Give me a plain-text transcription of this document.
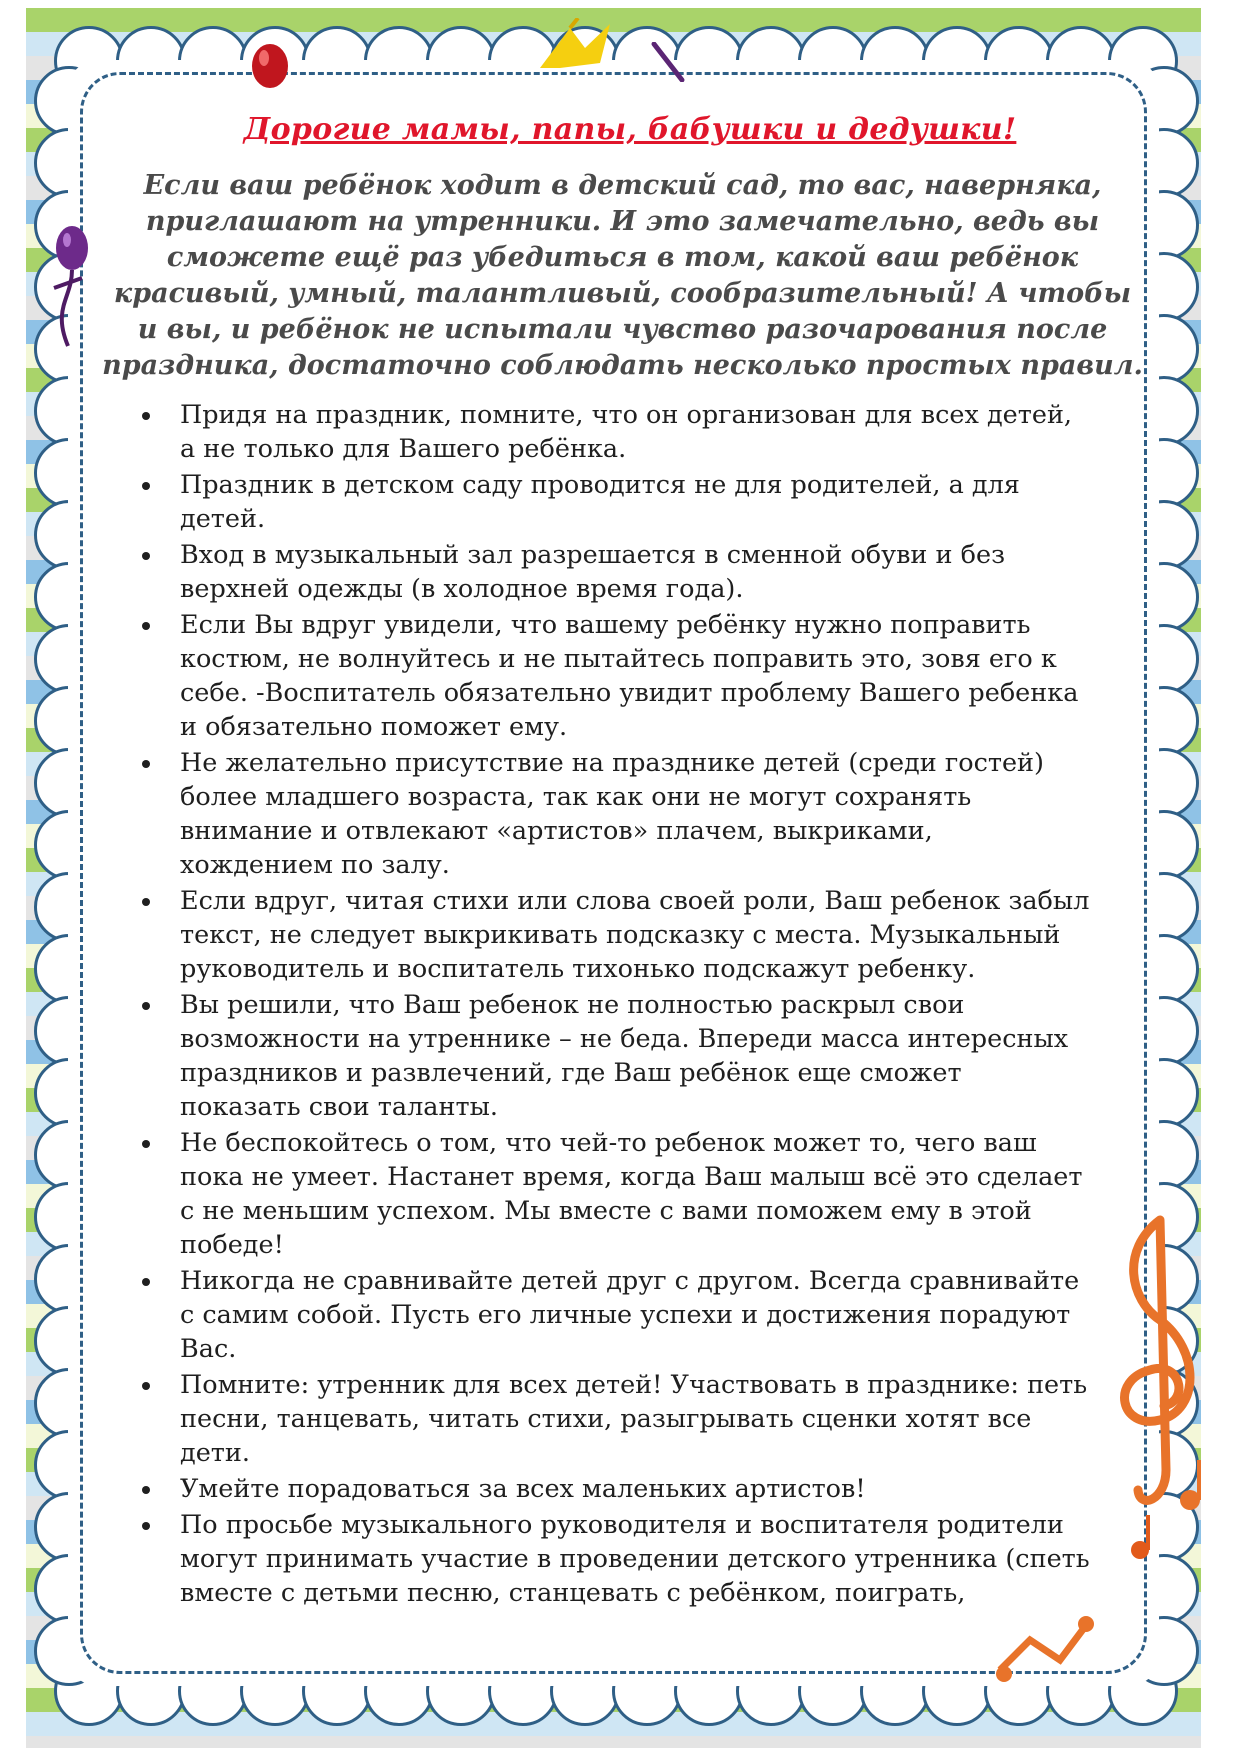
Дорогие мамы, папы, бабушки и дедушки!
Если ваш ребёнок ходит в детский сад, то вас, наверняка, приглашают на утренники. И это замечательно, ведь вы сможете ещё раз убедиться в том, какой ваш ребёнок красивый, умный, талантливый, сообразительный! А чтобы и вы, и ребёнок не испытали чувство разочарования после праздника, достаточно соблюдать несколько простых правил.
Придя на праздник, помните, что он организован для всех детей, а не только для Вашего ребёнка.
Праздник в детском саду проводится не для родителей, а для детей.
Вход в музыкальный зал разрешается в сменной обуви и без верхней одежды (в холодное время года).
Если Вы вдруг увидели, что вашему ребёнку нужно поправить костюм, не волнуйтесь и не пытайтесь поправить это, зовя его к себе. -Воспитатель обязательно увидит проблему Вашего ребенка и обязательно поможет ему.
Не желательно присутствие на празднике детей (среди гостей) более младшего возраста, так как они не могут сохранять внимание и отвлекают «артистов» плачем, выкриками, хождением по залу.
Если вдруг, читая стихи или слова своей роли, Ваш ребенок забыл текст, не следует выкрикивать подсказку с места. Музыкальный руководитель и воспитатель тихонько подскажут ребенку.
Вы решили, что Ваш ребенок не полностью раскрыл свои возможности на утреннике – не беда. Впереди масса интересных праздников и развлечений, где Ваш ребёнок еще сможет показать свои таланты.
Не беспокойтесь о том, что чей-то ребенок может то, чего ваш пока не умеет. Настанет время, когда Ваш малыш всё это сделает с не меньшим успехом. Мы вместе с вами поможем ему в этой победе!
Никогда не сравнивайте детей друг с другом. Всегда сравнивайте с самим собой. Пусть его личные успехи и достижения порадуют Вас.
Помните: утренник для всех детей! Участвовать в празднике: петь песни, танцевать, читать стихи, разыгрывать сценки хотят все дети.
Умейте порадоваться за всех маленьких артистов!
По просьбе музыкального руководителя и воспитателя родители могут принимать участие в проведении детского утренника (спеть вместе с детьми песню, станцевать с ребёнком, поиграть,
